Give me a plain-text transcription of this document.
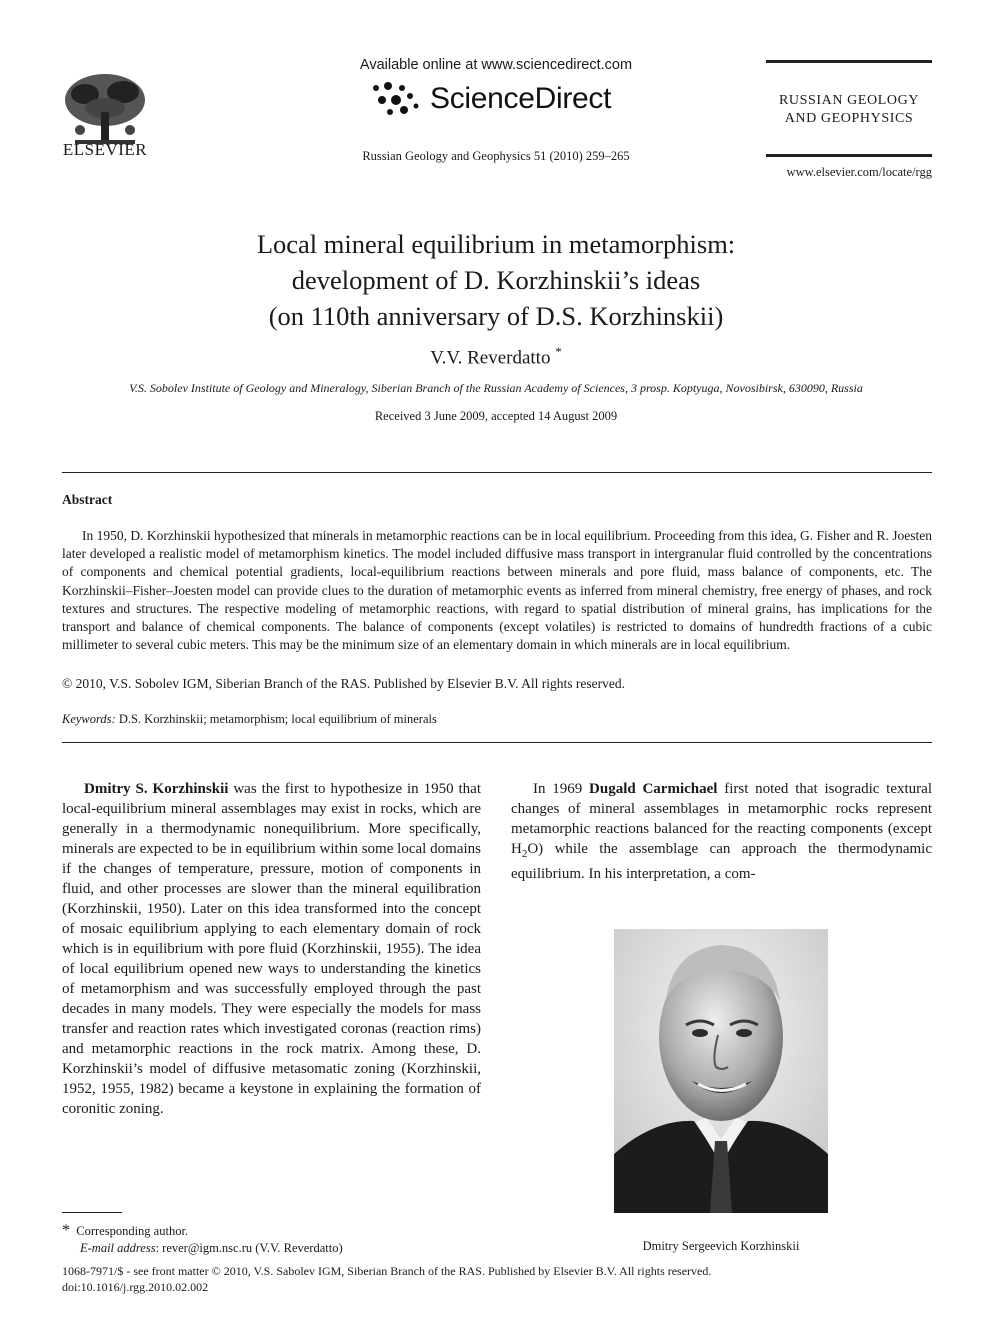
ELSEVIER
Available online at www.sciencedirect.com
ScienceDirect
Russian Geology and Geophysics 51 (2010) 259–265
RUSSIAN GEOLOGY
AND GEOPHYSICS
www.elsevier.com/locate/rgg
Local mineral equilibrium in metamorphism:
development of D. Korzhinskii’s ideas
(on 110th anniversary of D.S. Korzhinskii)
V.V. Reverdatto *
V.S. Sobolev Institute of Geology and Mineralogy, Siberian Branch of the Russian Academy of Sciences, 3 prosp. Koptyuga, Novosibirsk, 630090, Russia
Received 3 June 2009, accepted 14 August 2009
Abstract
In 1950, D. Korzhinskii hypothesized that minerals in metamorphic reactions can be in local equilibrium. Proceeding from this idea, G. Fisher and R. Joesten later developed a realistic model of metamorphism kinetics. The model included diffusive mass transport in intergranular fluid controlled by the concentrations of components and chemical potential gradients, local-equilibrium reactions between minerals and pore fluid, mass balance of components, etc. The Korzhinskii–Fisher–Joesten model can provide clues to the duration of metamorphic events as inferred from mineral chemistry, free energy of phases, and rock textures and structures. The respective modeling of metamorphic reactions, with regard to spatial distribution of mineral grains, has implications for the transport and balance of chemical components. The balance of components (except volatiles) is restricted to domains of hundredth fractions of a cubic millimeter to several cubic meters. This may be the minimum size of an elementary domain in which minerals are in local equilibrium.
© 2010, V.S. Sobolev IGM, Siberian Branch of the RAS. Published by Elsevier B.V. All rights reserved.
Keywords: D.S. Korzhinskii; metamorphism; local equilibrium of minerals

Dmitry S. Korzhinskii was the first to hypothesize in 1950 that local-equilibrium mineral assemblages may exist in rocks, which are generally in a thermodynamic nonequilibrium. More specifically, minerals are expected to be in equilibrium within some local domains if the changes of temperature, pressure, motion of components in fluid, and other processes are slower than the mineral equilibration (Korzhinskii, 1950). Later on this idea transformed into the concept of mosaic equilibrium applying to each elementary domain of rock which is in equilibrium with pore fluid (Korzhinskii, 1955). The idea of local equilibrium opened new ways to understanding the kinetics of metamorphism and was successfully employed through the past decades in many models. They were especially the models for mass transfer and reaction rates which investigated coronas (reaction rims) and metamorphic reactions in the rock matrix. Among these, D. Korzhinskii’s model of diffusive metasomatic zoning (Korzhinskii, 1952, 1955, 1982) became a keystone in explaining the formation of coronitic zoning.

In 1969 Dugald Carmichael first noted that isogradic textural changes of mineral assemblages in metamorphic rocks represent metamorphic reactions balanced for the reacting components (except $H_2O$) while the assemblage can approach the thermodynamic equilibrium. In his interpretation, a com-

Dmitry Sergeevich Korzhinskii
* Corresponding author.
E-mail address: rever@igm.nsc.ru (V.V. Reverdatto)
1068-7971/$ - see front matter © 2010, V.S. Sabolev IGM, Siberian Branch of the RAS. Published by Elsevier B.V. All rights reserved.
doi:10.1016/j.rgg.2010.02.002
